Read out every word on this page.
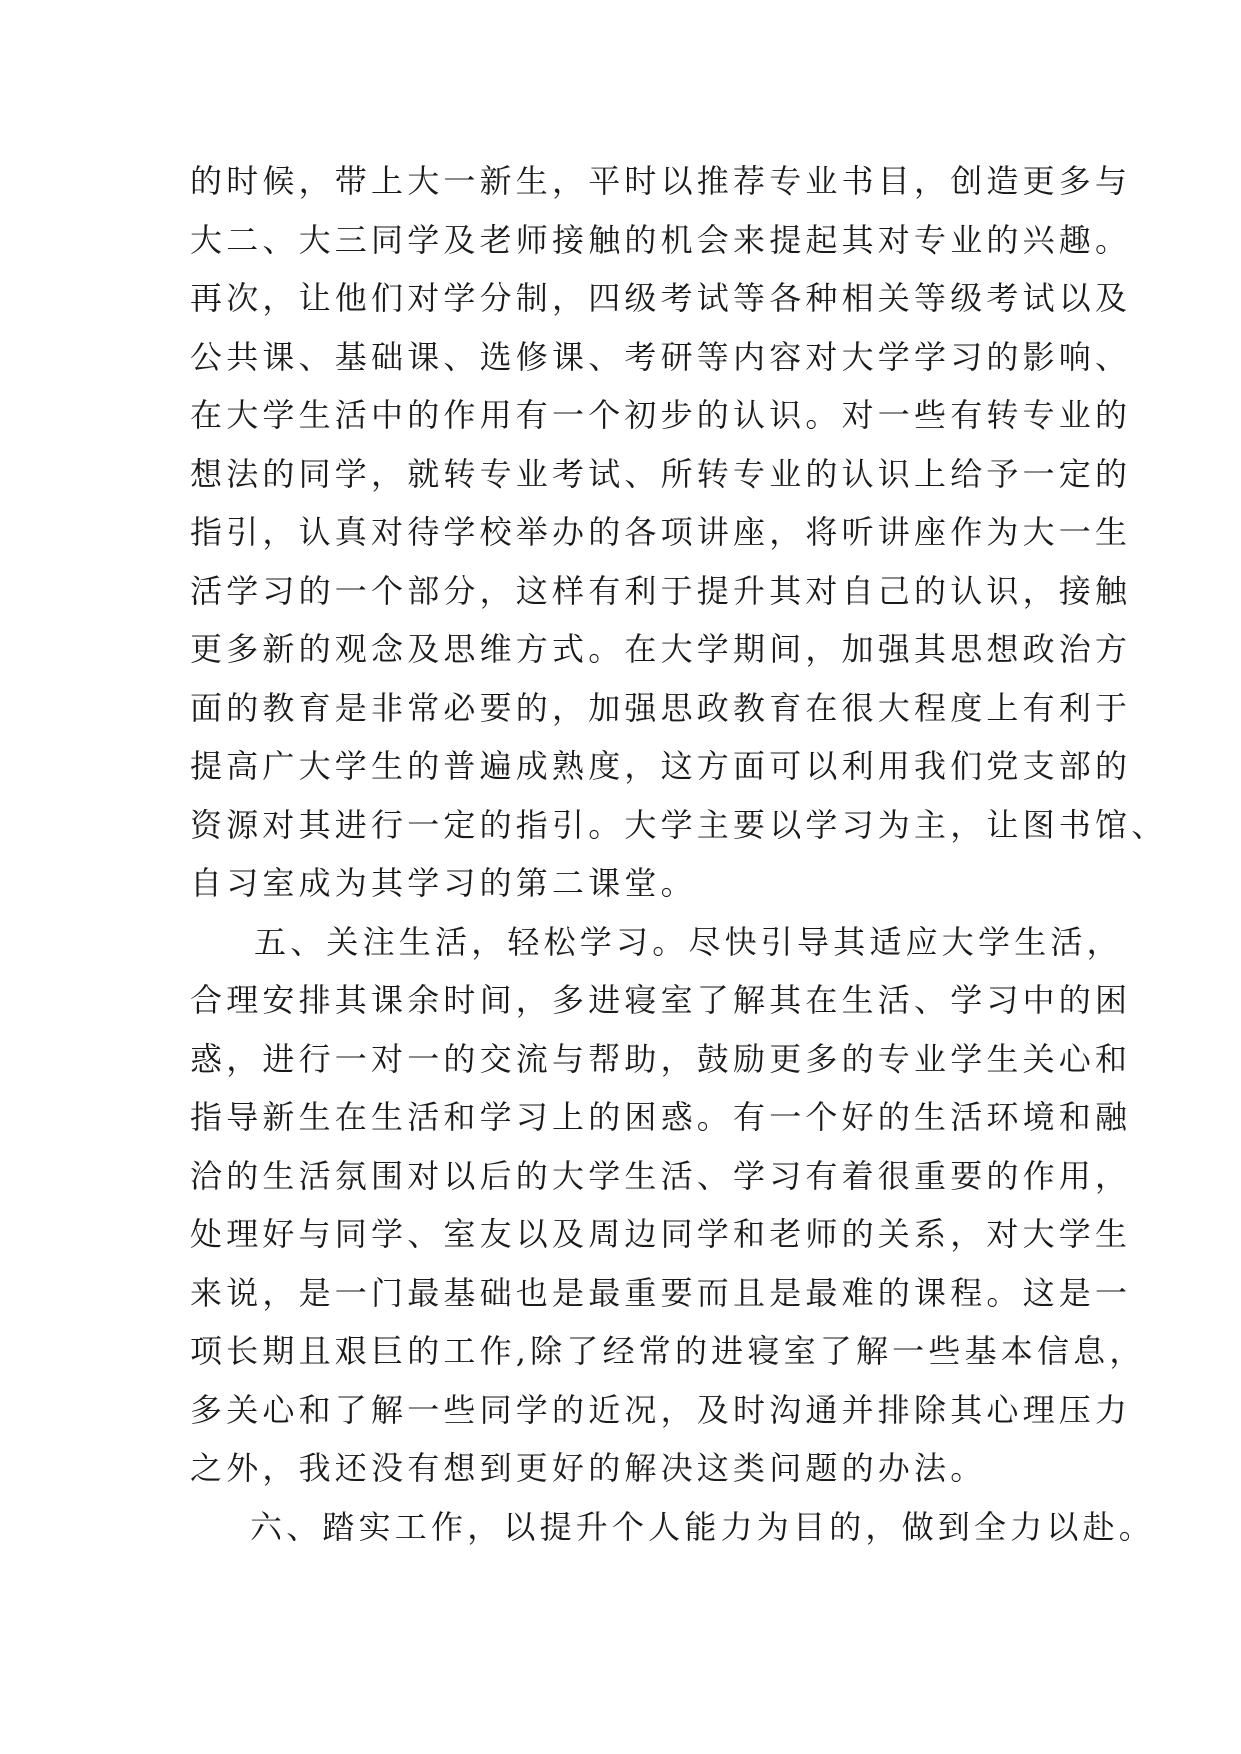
的时候，带上大一新生，平时以推荐专业书目，创造更多与
大二、大三同学及老师接触的机会来提起其对专业的兴趣。
再次，让他们对学分制，四级考试等各种相关等级考试以及
公共课、基础课、选修课、考研等内容对大学学习的影响、
在大学生活中的作用有一个初步的认识。对一些有转专业的
想法的同学，就转专业考试、所转专业的认识上给予一定的
指引，认真对待学校举办的各项讲座，将听讲座作为大一生
活学习的一个部分，这样有利于提升其对自己的认识，接触
更多新的观念及思维方式。在大学期间，加强其思想政治方
面的教育是非常必要的，加强思政教育在很大程度上有利于
提高广大学生的普遍成熟度，这方面可以利用我们党支部的
资源对其进行一定的指引。大学主要以学习为主，让图书馆、
自习室成为其学习的第二课堂。
五、关注生活，轻松学习。尽快引导其适应大学生活，
合理安排其课余时间，多进寝室了解其在生活、学习中的困
惑，进行一对一的交流与帮助，鼓励更多的专业学生关心和
指导新生在生活和学习上的困惑。有一个好的生活环境和融
洽的生活氛围对以后的大学生活、学习有着很重要的作用，
处理好与同学、室友以及周边同学和老师的关系，对大学生
来说，是一门最基础也是最重要而且是最难的课程。这是一
项长期且艰巨的工作,除了经常的进寝室了解一些基本信息，
多关心和了解一些同学的近况，及时沟通并排除其心理压力
之外，我还没有想到更好的解决这类问题的办法。
六、踏实工作，以提升个人能力为目的，做到全力以赴。
